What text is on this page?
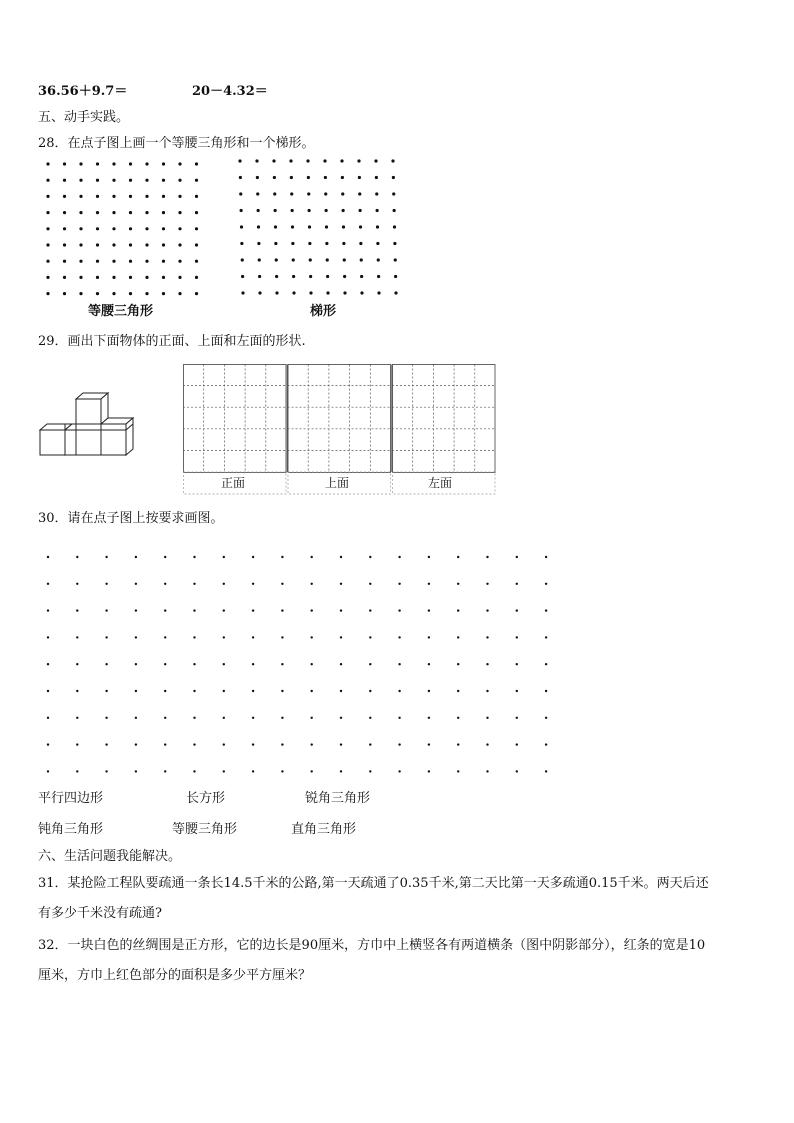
36.56＋9.7＝	20－4.32＝
五、动手实践。
28．在点子图上画一个等腰三角形和一个梯形。
等腰三角形	梯形
29．画出下面物体的正面、上面和左面的形状.
正面	上面	左面
30．请在点子图上按要求画图。
平行四边形	长方形	锐角三角形
钝角三角形	等腰三角形	直角三角形
六、生活问题我能解决。
31．某抢险工程队要疏通一条长14.5千米的公路,第一天疏通了0.35千米,第二天比第一天多疏通0.15千米。两天后还
有多少千米没有疏通?
32．一块白色的丝绸围是正方形，它的边长是90厘米，方巾中上横竖各有两道横条（图中阴影部分），红条的宽是10
厘米，方巾上红色部分的面积是多少平方厘米？
